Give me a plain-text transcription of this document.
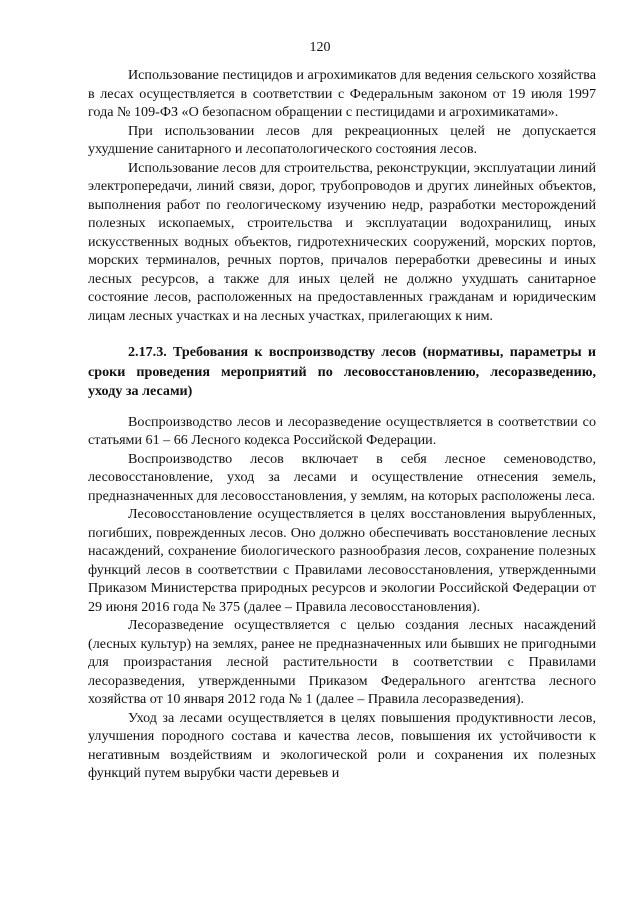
120

Использование пестицидов и агрохимикатов для ведения сельского хозяйства в лесах осуществляется в соответствии с Федеральным законом от 19 июля 1997 года № 109-ФЗ «О безопасном обращении с пестицидами и агрохимикатами».

При использовании лесов для рекреационных целей не допускается ухудшение санитарного и лесопатологического состояния лесов.

Использование лесов для строительства, реконструкции, эксплуатации линий электропередачи, линий связи, дорог, трубопроводов и других линейных объектов, выполнения работ по геологическому изучению недр, разработки месторождений полезных ископаемых, строительства и эксплуатации водохранилищ, иных искусственных водных объектов, гидротехнических сооружений, морских портов, морских терминалов, речных портов, причалов переработки древесины и иных лесных ресурсов, а также для иных целей не должно ухудшать санитарное состояние лесов, расположенных на предоставленных гражданам и юридическим лицам лесных участках и на лесных участках, прилегающих к ним.

2.17.3. Требования к воспроизводству лесов (нормативы, параметры и сроки проведения мероприятий по лесовосстановлению, лесоразведению, уходу за лесами)

Воспроизводство лесов и лесоразведение осуществляется в соответствии со статьями 61 – 66 Лесного кодекса Российской Федерации.

Воспроизводство лесов включает в себя лесное семеноводство, лесовосстановление, уход за лесами и осуществление отнесения земель, предназначенных для лесовосстановления, у землям, на которых расположены леса.

Лесовосстановление осуществляется в целях восстановления вырубленных, погибших, поврежденных лесов. Оно должно обеспечивать восстановление лесных насаждений, сохранение биологического разнообразия лесов, сохранение полезных функций лесов в соответствии с Правилами лесовосстановления, утвержденными Приказом Министерства природных ресурсов и экологии Российской Федерации от 29 июня 2016 года № 375 (далее – Правила лесовосстановления).

Лесоразведение осуществляется с целью создания лесных насаждений (лесных культур) на землях, ранее не предназначенных или бывших не пригодными для произрастания лесной растительности в соответствии с Правилами лесоразведения, утвержденными Приказом Федерального агентства лесного хозяйства от 10 января 2012 года № 1 (далее – Правила лесоразведения).

Уход за лесами осуществляется в целях повышения продуктивности лесов, улучшения породного состава и качества лесов, повышения их устойчивости к негативным воздействиям и экологической роли и сохранения их полезных функций путем вырубки части деревьев и
